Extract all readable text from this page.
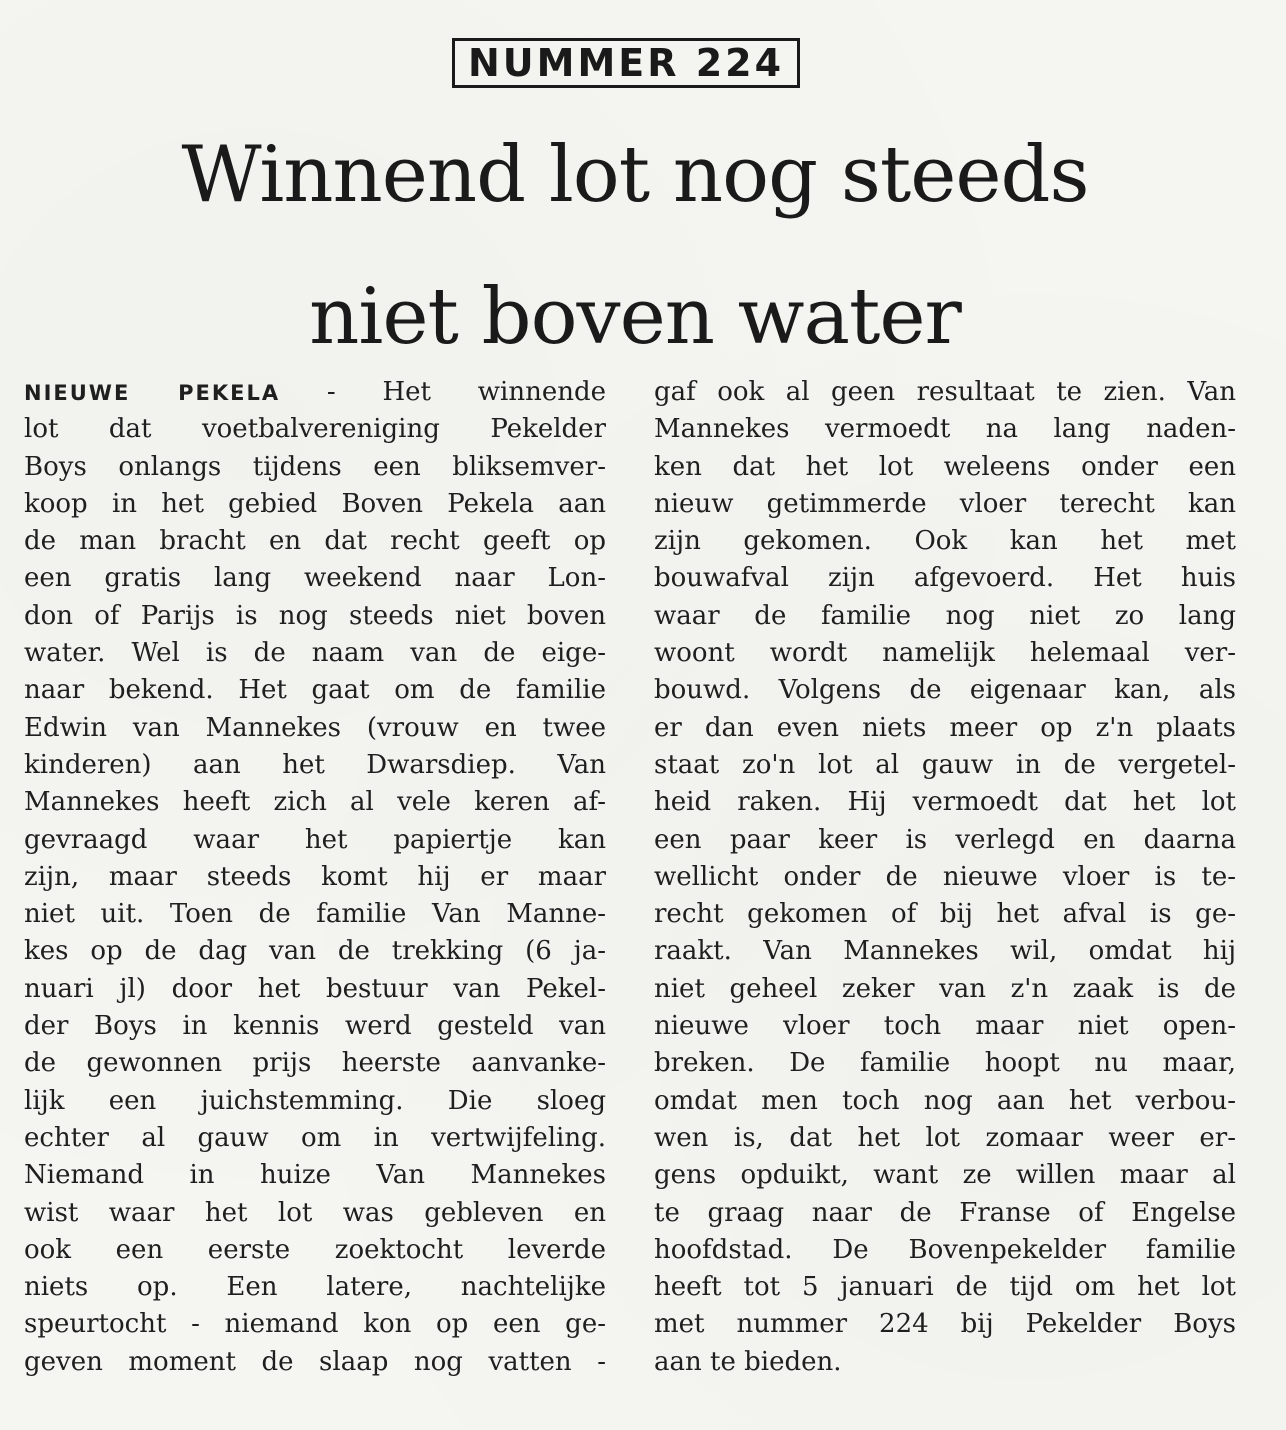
NUMMER 224
Winnend lot nog steeds
niet boven water
NIEUWE PEKELA - Het winnende
lot dat voetbalvereniging Pekelder
Boys onlangs tijdens een bliksemver-
koop in het gebied Boven Pekela aan
de man bracht en dat recht geeft op
een gratis lang weekend naar Lon-
don of Parijs is nog steeds niet boven
water. Wel is de naam van de eige-
naar bekend. Het gaat om de familie
Edwin van Mannekes (vrouw en twee
kinderen) aan het Dwarsdiep. Van
Mannekes heeft zich al vele keren af-
gevraagd waar het papiertje kan
zijn, maar steeds komt hij er maar
niet uit. Toen de familie Van Manne-
kes op de dag van de trekking (6 ja-
nuari jl) door het bestuur van Pekel-
der Boys in kennis werd gesteld van
de gewonnen prijs heerste aanvanke-
lijk een juichstemming. Die sloeg
echter al gauw om in vertwijfeling.
Niemand in huize Van Mannekes
wist waar het lot was gebleven en
ook een eerste zoektocht leverde
niets op. Een latere, nachtelijke
speurtocht - niemand kon op een ge-
geven moment de slaap nog vatten -
gaf ook al geen resultaat te zien. Van
Mannekes vermoedt na lang naden-
ken dat het lot weleens onder een
nieuw getimmerde vloer terecht kan
zijn gekomen. Ook kan het met
bouwafval zijn afgevoerd. Het huis
waar de familie nog niet zo lang
woont wordt namelijk helemaal ver-
bouwd. Volgens de eigenaar kan, als
er dan even niets meer op z'n plaats
staat zo'n lot al gauw in de vergetel-
heid raken. Hij vermoedt dat het lot
een paar keer is verlegd en daarna
wellicht onder de nieuwe vloer is te-
recht gekomen of bij het afval is ge-
raakt. Van Mannekes wil, omdat hij
niet geheel zeker van z'n zaak is de
nieuwe vloer toch maar niet open-
breken. De familie hoopt nu maar,
omdat men toch nog aan het verbou-
wen is, dat het lot zomaar weer er-
gens opduikt, want ze willen maar al
te graag naar de Franse of Engelse
hoofdstad. De Bovenpekelder familie
heeft tot 5 januari de tijd om het lot
met nummer 224 bij Pekelder Boys
aan te bieden.
